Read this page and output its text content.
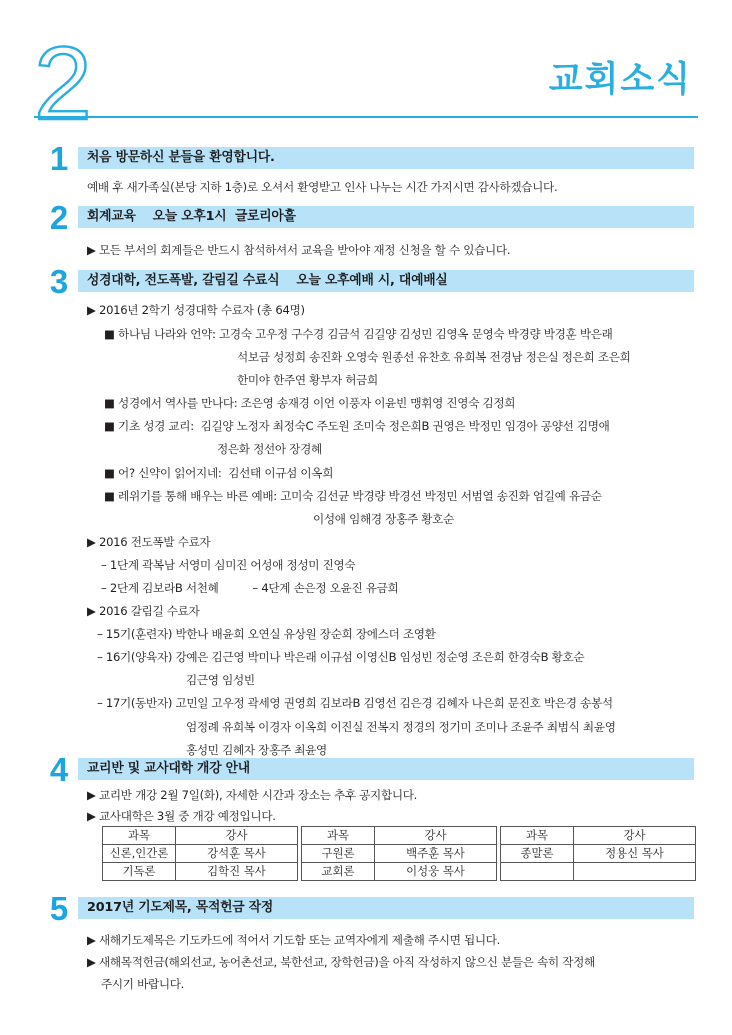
2	교회소식
1 처음 방문하신 분들을 환영합니다.
예배 후 새가족실(본당 지하 1층)로 오셔서 환영받고 인사 나누는 시간 가지시면 감사하겠습니다.
2 회계교육    오늘 오후1시  글로리아홀
▶ 모든 부서의 회계들은 반드시 참석하셔서 교육을 받아야 재정 신청을 할 수 있습니다.
3 성경대학, 전도폭발, 갈림길 수료식    오늘 오후예배 시, 대예배실
▶ 2016년 2학기 성경대학 수료자 (총 64명)
■ 하나님 나라와 언약: 고경숙 고우정 구수경 김금석 김길양 김성민 김영옥 문영숙 박경량 박경훈 박은래
석보금 성정희 송진화 오영숙 원종선 유찬호 유희복 전경남 정은실 정은희 조은희
한미야 한주연 황부자 허금희
■ 성경에서 역사를 만나다: 조은영 송재경 이언 이풍자 이윤빈 맹휘영 진영숙 김정희
■ 기초 성경 교리:  김길양 노정자 최정숙C 주도원 조미숙 정은희B 권영은 박정민 임경아 공양선 김명애
정은화 정선아 장경혜
■ 어? 신약이 읽어지네:  김선태 이규섬 이옥희
■ 레위기를 통해 배우는 바른 예배: 고미숙 김선균 박경량 박경선 박정민 서범열 송진화 엄길예 유금순
이성애 임해경 장홍주 황호순
▶ 2016 전도폭발 수료자
– 1단계 곽복남 서영미 심미진 어성애 정성미 진영숙
– 2단계 김보라B 서천혜          – 4단계 손은정 오윤진 유금희
▶ 2016 갈림길 수료자
– 15기(훈련자) 박한나 배윤희 오연실 유상원 장순희 장에스더 조영환
– 16기(양육자) 강예은 김근영 박미나 박은래 이규섬 이영신B 임성빈 정순영 조은희 한경숙B 황호순
김근영 임성빈
– 17기(동반자) 고민일 고우정 곽세영 권영희 김보라B 김영선 김은경 김혜자 나은희 문진호 박은경 송봉석
엄정례 유희복 이경자 이옥희 이진실 전복지 정경의 정기미 조미나 조윤주 최범식 최윤영
홍성민 김혜자 장홍주 최윤영
4 교리반 및 교사대학 개강 안내
▶ 교리반 개강 2월 7일(화), 자세한 시간과 장소는 추후 공지합니다.
▶ 교사대학은 3월 중 개강 예정입니다.
과목	강사
신론,인간론	강석훈 목사
기독론	김학진 목사
과목	강사
구원론	백주훈 목사
교회론	이성웅 목사
과목	강사
종말론	정용신 목사

5 2017년 기도제목, 목적헌금 작정
▶ 새해기도제목은 기도카드에 적어서 기도함 또는 교역자에게 제출해 주시면 됩니다.
▶ 새해목적헌금(해외선교, 농어촌선교, 북한선교, 장학헌금)을 아직 작성하지 않으신 분들은 속히 작정해
주시기 바랍니다.
